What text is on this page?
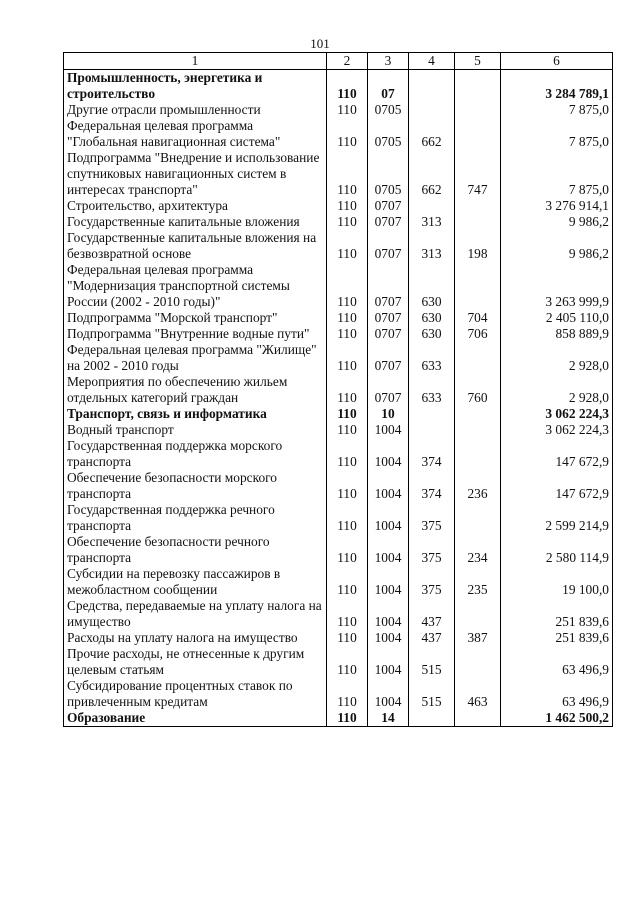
101
1	2	3	4	5	6
Промышленность, энергетика и строительство	110	07			3 284 789,1
Другие отрасли промышленности	110	0705			7 875,0
Федеральная целевая программа "Глобальная навигационная система"	110	0705	662		7 875,0
Подпрограмма "Внедрение и использование спутниковых навигационных систем в интересах транспорта"	110	0705	662	747	7 875,0
Строительство, архитектура	110	0707			3 276 914,1
Государственные капитальные вложения	110	0707	313		9 986,2
Государственные капитальные вложения на безвозвратной основе	110	0707	313	198	9 986,2
Федеральная целевая программа "Модернизация транспортной системы России (2002 - 2010 годы)"	110	0707	630		3 263 999,9
Подпрограмма "Морской транспорт"	110	0707	630	704	2 405 110,0
Подпрограмма "Внутренние водные пути"	110	0707	630	706	858 889,9
Федеральная целевая программа "Жилище" на 2002 - 2010 годы	110	0707	633		2 928,0
Мероприятия по обеспечению жильем отдельных категорий граждан	110	0707	633	760	2 928,0
Транспорт, связь и информатика	110	10			3 062 224,3
Водный транспорт	110	1004			3 062 224,3
Государственная поддержка морского транспорта	110	1004	374		147 672,9
Обеспечение безопасности морского транспорта	110	1004	374	236	147 672,9
Государственная поддержка речного транспорта	110	1004	375		2 599 214,9
Обеспечение безопасности речного транспорта	110	1004	375	234	2 580 114,9
Субсидии на перевозку пассажиров в межобластном сообщении	110	1004	375	235	19 100,0
Средства, передаваемые на уплату налога на имущество	110	1004	437		251 839,6
Расходы на уплату налога на имущество	110	1004	437	387	251 839,6
Прочие расходы, не отнесенные к другим целевым статьям	110	1004	515		63 496,9
Субсидирование процентных ставок по привлеченным кредитам	110	1004	515	463	63 496,9
Образование	110	14			1 462 500,2
